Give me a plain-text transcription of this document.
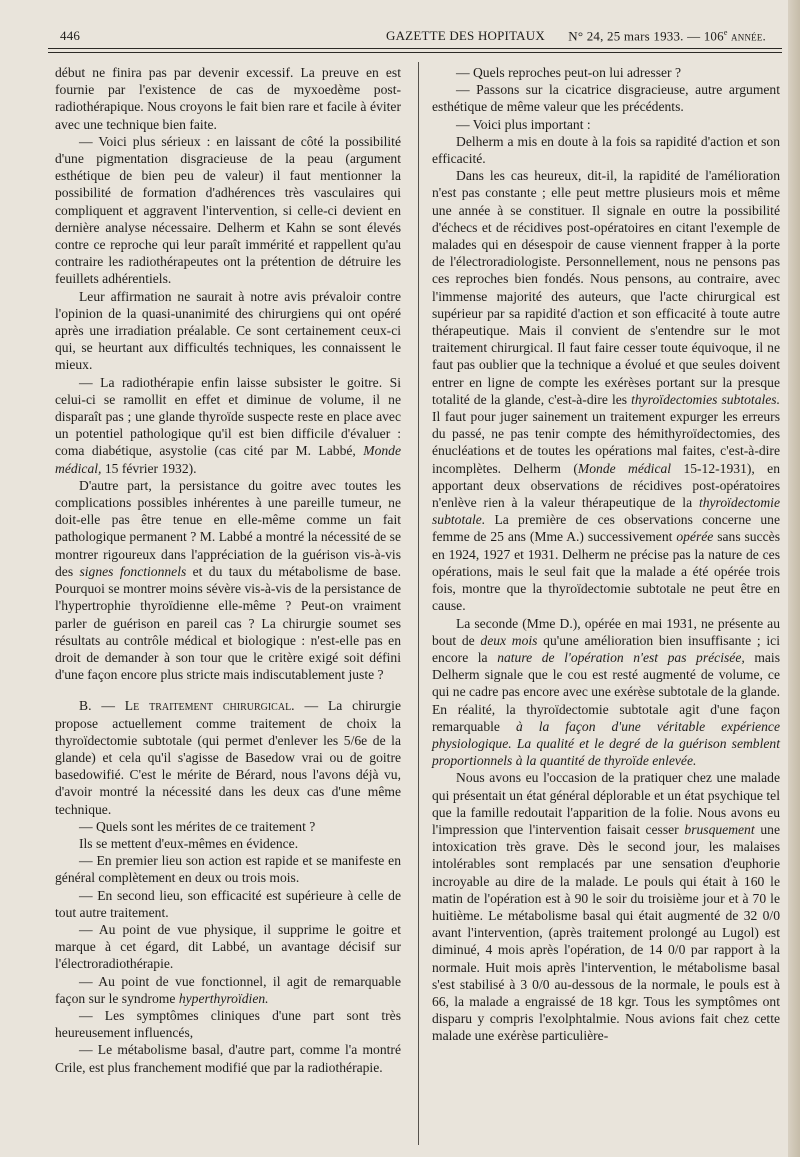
446	GAZETTE DES HOPITAUX N° 24, 25 mars 1933. — 106e année.

début ne finira pas par devenir excessif. La preuve en est fournie par l'existence de cas de myxoedème post-radiothérapique. Nous croyons le fait bien rare et facile à éviter avec une technique bien faite.

— Voici plus sérieux : en laissant de côté la possibilité d'une pigmentation disgracieuse de la peau (argument esthétique de bien peu de valeur) il faut mentionner la possibilité de formation d'adhérences très vasculaires qui compliquent et aggravent l'intervention, si celle-ci devient en dernière analyse nécessaire. Delherm et Kahn se sont élevés contre ce reproche qui leur paraît immérité et rappellent qu'au contraire les radiothérapeutes ont la prétention de détruire les feuillets adhérentiels.

Leur affirmation ne saurait à notre avis prévaloir contre l'opinion de la quasi-unanimité des chirurgiens qui ont opéré après une irradiation préalable. Ce sont certainement ceux-ci qui, se heurtant aux difficultés techniques, les connaissent le mieux.

— La radiothérapie enfin laisse subsister le goitre. Si celui-ci se ramollit en effet et diminue de volume, il ne disparaît pas ; une glande thyroïde suspecte reste en place avec un potentiel pathologique qu'il est bien difficile d'évaluer : coma diabétique, asystolie (cas cité par M. Labbé, Monde médical, 15 février 1932).

D'autre part, la persistance du goitre avec toutes les complications possibles inhérentes à une pareille tumeur, ne doit-elle pas être tenue en elle-même comme un fait pathologique permanent ? M. Labbé a montré la nécessité de se montrer rigoureux dans l'appréciation de la guérison vis-à-vis des signes fonctionnels et du taux du métabolisme de base. Pourquoi se montrer moins sévère vis-à-vis de la persistance de l'hypertrophie thyroïdienne elle-même ? Peut-on vraiment parler de guérison en pareil cas ? La chirurgie soumet ses résultats au contrôle médical et biologique : n'est-elle pas en droit de demander à son tour que le critère exigé soit défini d'une façon encore plus stricte mais indiscutablement juste ?

B. — Le traitement chirurgical. — La chirurgie propose actuellement comme traitement de choix la thyroïdectomie subtotale (qui permet d'enlever les 5/6e de la glande) et cela qu'il s'agisse de Basedow vrai ou de goitre basedowifié. C'est le mérite de Bérard, nous l'avons déjà vu, d'avoir montré la nécessité dans les deux cas d'une même technique.

— Quels sont les mérites de ce traitement ?

Ils se mettent d'eux-mêmes en évidence.

— En premier lieu son action est rapide et se manifeste en général complètement en deux ou trois mois.

— En second lieu, son efficacité est supérieure à celle de tout autre traitement.

— Au point de vue physique, il supprime le goitre et marque à cet égard, dit Labbé, un avantage décisif sur l'électroradiothérapie.

— Au point de vue fonctionnel, il agit de remarquable façon sur le syndrome hyperthyroïdien.

— Les symptômes cliniques d'une part sont très heureusement influencés,

— Le métabolisme basal, d'autre part, comme l'a montré Crile, est plus franchement modifié que par la radiothérapie.

— Quels reproches peut-on lui adresser ?

— Passons sur la cicatrice disgracieuse, autre argument esthétique de même valeur que les précédents.

— Voici plus important :

Delherm a mis en doute à la fois sa rapidité d'action et son efficacité.

Dans les cas heureux, dit-il, la rapidité de l'amélioration n'est pas constante ; elle peut mettre plusieurs mois et même une année à se constituer. Il signale en outre la possibilité d'échecs et de récidives post-opératoires en citant l'exemple de malades qui en désespoir de cause viennent frapper à la porte de l'électroradiologiste. Personnellement, nous ne pensons pas ces reproches bien fondés. Nous pensons, au contraire, avec l'immense majorité des auteurs, que l'acte chirurgical est supérieur par sa rapidité d'action et son efficacité à toute autre thérapeutique. Mais il convient de s'entendre sur le mot traitement chirurgical. Il faut faire cesser toute équivoque, il ne faut pas oublier que la technique a évolué et que seules doivent entrer en ligne de compte les exérèses portant sur la presque totalité de la glande, c'est-à-dire les thyroïdectomies subtotales. Il faut pour juger sainement un traitement expurger les erreurs du passé, ne pas tenir compte des hémithyroïdectomies, des énucléations et de toutes les opérations mal faites, c'est-à-dire incomplètes. Delherm (Monde médical 15-12-1931), en apportant deux observations de récidives post-opératoires n'enlève rien à la valeur thérapeutique de la thyroïdectomie subtotale. La première de ces observations concerne une femme de 25 ans (Mme A.) successivement opérée sans succès en 1924, 1927 et 1931. Delherm ne précise pas la nature de ces opérations, mais le seul fait que la malade a été opérée trois fois, montre que la thyroïdectomie subtotale ne peut être en cause.

La seconde (Mme D.), opérée en mai 1931, ne présente au bout de deux mois qu'une amélioration bien insuffisante ; ici encore la nature de l'opération n'est pas précisée, mais Delherm signale que le cou est resté augmenté de volume, ce qui ne cadre pas encore avec une exérèse subtotale de la glande. En réalité, la thyroïdectomie subtotale agit d'une façon remarquable à la façon d'une véritable expérience physiologique. La qualité et le degré de la guérison semblent proportionnels à la quantité de thyroïde enlevée.

Nous avons eu l'occasion de la pratiquer chez une malade qui présentait un état général déplorable et un état psychique tel que la famille redoutait l'apparition de la folie. Nous avons eu l'impression que l'intervention faisait cesser brusquement une intoxication très grave. Dès le second jour, les malaises intolérables sont remplacés par une sensation d'euphorie incroyable au dire de la malade. Le pouls qui était à 160 le matin de l'opération est à 90 le soir du troisième jour et à 70 le huitième. Le métabolisme basal qui était augmenté de 32 0/0 avant l'intervention, (après traitement prolongé au Lugol) est diminué, 4 mois après l'opération, de 14 0/0 par rapport à la normale. Huit mois après l'intervention, le métabolisme basal s'est stabilisé à 3 0/0 au-dessous de la normale, le pouls est à 66, la malade a engraissé de 18 kgr. Tous les symptômes ont disparu y compris l'exolphtalmie. Nous avions fait chez cette malade une exérèse particulière-
